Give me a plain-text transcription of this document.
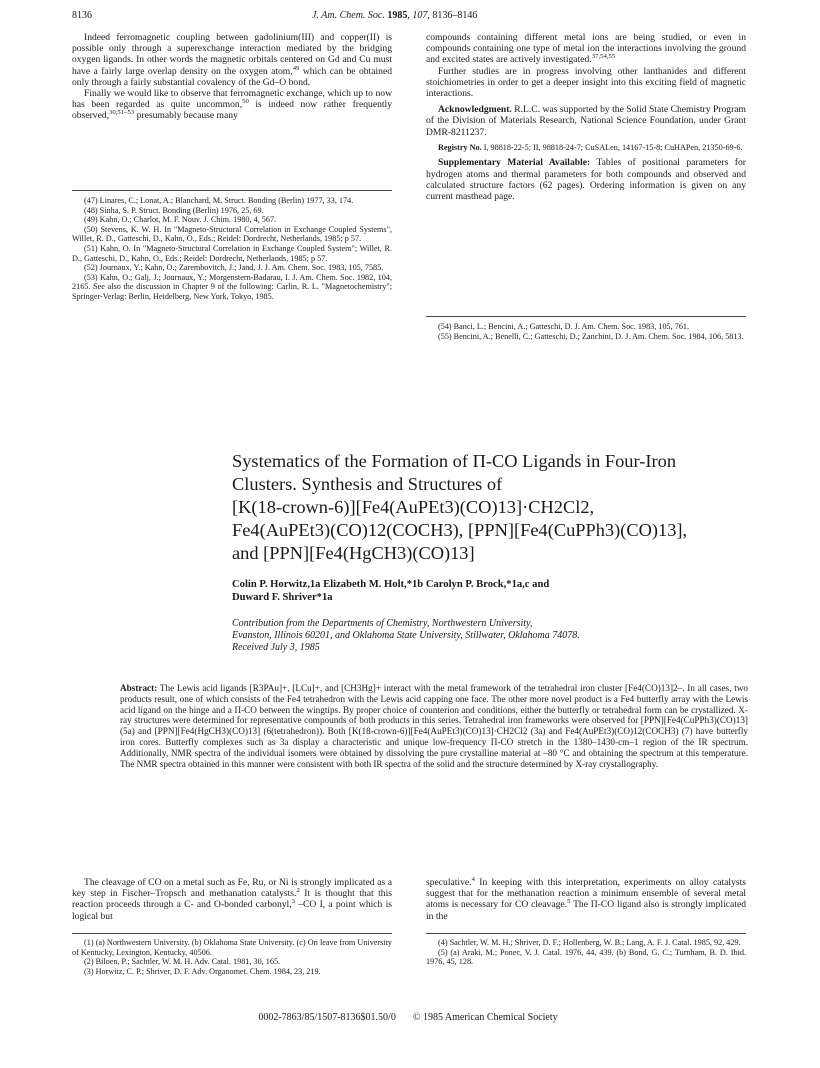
8136	J. Am. Chem. Soc. 1985, 107, 8136–8146

Indeed ferromagnetic coupling between gadolinium(III) and copper(II) is possible only through a superexchange interaction mediated by the bridging oxygen ligands. In other words the magnetic orbitals centered on Gd and Cu must have a fairly large overlap density on the oxygen atom,$^{49}$ which can be obtained only through a fairly substantial covalency of the Gd–O bond.

Finally we would like to observe that ferromagnetic exchange, which up to now has been regarded as quite uncommon,$^{50}$ is indeed now rather frequently observed,$^{30,51-53}$ presumably because many

(47) Linares, C.; Lonat, A.; Blanchard, M. Struct. Bonding (Berlin) 1977, 33, 174.

(48) Sinha, S. P. Struct. Bonding (Berlin) 1976, 25, 69.

(49) Kahn, O.; Charlot, M. F. Nouv. J. Chim. 1980, 4, 567.

(50) Stevens, K. W. H. In "Magneto-Structural Correlation in Exchange Coupled Systems", Willet, R. D., Gatteschi, D., Kahn, O., Eds.; Reidel: Dordrecht, Netherlands, 1985; p 57.

(51) Kahn, O. In "Magneto-Structural Correlation in Exchange Coupled System"; Willet, R. D., Gatteschi, D., Kahn, O., Eds.; Reidel: Dordrecht, Netherlands, 1985; p 57.

(52) Journaux, Y.; Kahn, O.; Zarembovitch, J.; Jand, J. J. Am. Chem. Soc. 1983, 105, 7585.

(53) Kahn, O.; Galj, J.; Journaux, Y.; Morgenstern-Badarau, I. J. Am. Chem. Soc. 1982, 104, 2165. See also the discussion in Chapter 9 of the following: Carlin, R. L. "Magnetochemistry"; Springer-Verlag: Berlin, Heidelberg, New York, Tokyo, 1985.

compounds containing different metal ions are being studied, or even in compounds containing one type of metal ion the interactions involving the ground and excited states are actively investigated.$^{37,54,55}$

Further studies are in progress involving other lanthanides and different stoichiometries in order to get a deeper insight into this exciting field of magnetic interactions.

Acknowledgment. R.L.C. was supported by the Solid State Chemistry Program of the Division of Materials Research, National Science Foundation, under Grant DMR-8211237.

Registry No. I, 98818-22-5; II, 98818-24-7; CuSALen, 14167-15-8; CuHAPen, 21350-69-6.

Supplementary Material Available: Tables of positional parameters for hydrogen atoms and thermal parameters for both compounds and observed and calculated structure factors (62 pages). Ordering information is given on any current masthead page.

(54) Banci, L.; Bencini, A.; Gatteschi, D. J. Am. Chem. Soc. 1983, 105, 761.

(55) Bencini, A.; Benelli, C.; Gatteschi, D.; Zanchini, D. J. Am. Chem. Soc. 1984, 106, 5813.

Systematics of the Formation of Π-CO Ligands in Four-Iron

Clusters. Synthesis and Structures of

[K(18-crown-6)][Fe4(AuPEt3)(CO)13]·CH2Cl2,

Fe4(AuPEt3)(CO)12(COCH3), [PPN][Fe4(CuPPh3)(CO)13],

and [PPN][Fe4(HgCH3)(CO)13]

Colin P. Horwitz,1a Elizabeth M. Holt,*1b Carolyn P. Brock,*1a,c and

Duward F. Shriver*1a

Contribution from the Departments of Chemistry, Northwestern University,

Evanston, Illinois 60201, and Oklahoma State University, Stillwater, Oklahoma 74078.

Received July 3, 1985

Abstract: The Lewis acid ligands [R3PAu]+, [LCu]+, and [CH3Hg]+ interact with the metal framework of the tetrahedral iron cluster [Fe4(CO)13]2–. In all cases, two products result, one of which consists of the Fe4 tetrahedron with the Lewis acid capping one face. The other more novel product is a Fe4 butterfly array with the Lewis acid ligand on the hinge and a Π-CO between the wingtips. By proper choice of counterion and conditions, either the butterfly or tetrahedral form can be crystallized. X-ray structures were determined for representative compounds of both products in this series. Tetrahedral iron frameworks were observed for [PPN][Fe4(CuPPh3)(CO)13] (5a) and [PPN][Fe4(HgCH3)(CO)13] (6(tetrahedron)). Both [K(18-crown-6)][Fe4(AuPEt3)(CO)13]·CH2Cl2 (3a) and Fe4(AuPEt3)(CO)12(COCH3) (7) have butterfly iron cores. Butterfly complexes such as 3a display a characteristic and unique low-frequency Π-CO stretch in the 1380–1430-cm–1 region of the IR spectrum. Additionally, NMR spectra of the individual isomers were obtained by dissolving the pure crystalline material at –80 °C and obtaining the spectrum at this temperature. The NMR spectra obtained in this manner were consistent with both IR spectra of the solid and the structure determined by X-ray crystallography.

The cleavage of CO on a metal such as Fe, Ru, or Ni is strongly implicated as a key step in Fischer–Tropsch and methanation catalysts.$^2$ It is thought that this reaction proceeds through a C- and O-bonded carbonyl,$^3$ –CO I, a point which is logical but

(1) (a) Northwestern University. (b) Oklahoma State University. (c) On leave from University of Kentucky, Lexington, Kentucky, 40506.

(2) Biloen, P.; Sachtler, W. M. H. Adv. Catal. 1981, 30, 165.

(3) Horwitz, C. P.; Shriver, D. F. Adv. Organomet. Chem. 1984, 23, 219.

speculative.$^4$ In keeping with this interpretation, experiments on alloy catalysts suggest that for the methanation reaction a minimum ensemble of several metal atoms is necessary for CO cleavage.$^5$ The Π-CO ligand also is strongly implicated in the

(4) Sachtler, W. M. H.; Shriver, D. F.; Hollenberg, W. B.; Lang, A. F. J. Catal. 1985, 92, 429.

(5) (a) Araki, M.; Ponec, V. J. Catal. 1976, 44, 439. (b) Bond, G. C.; Turnham, B. D. Ibid. 1976, 45, 128.

0002-7863/85/1507-8136$01.50/0 © 1985 American Chemical Society
